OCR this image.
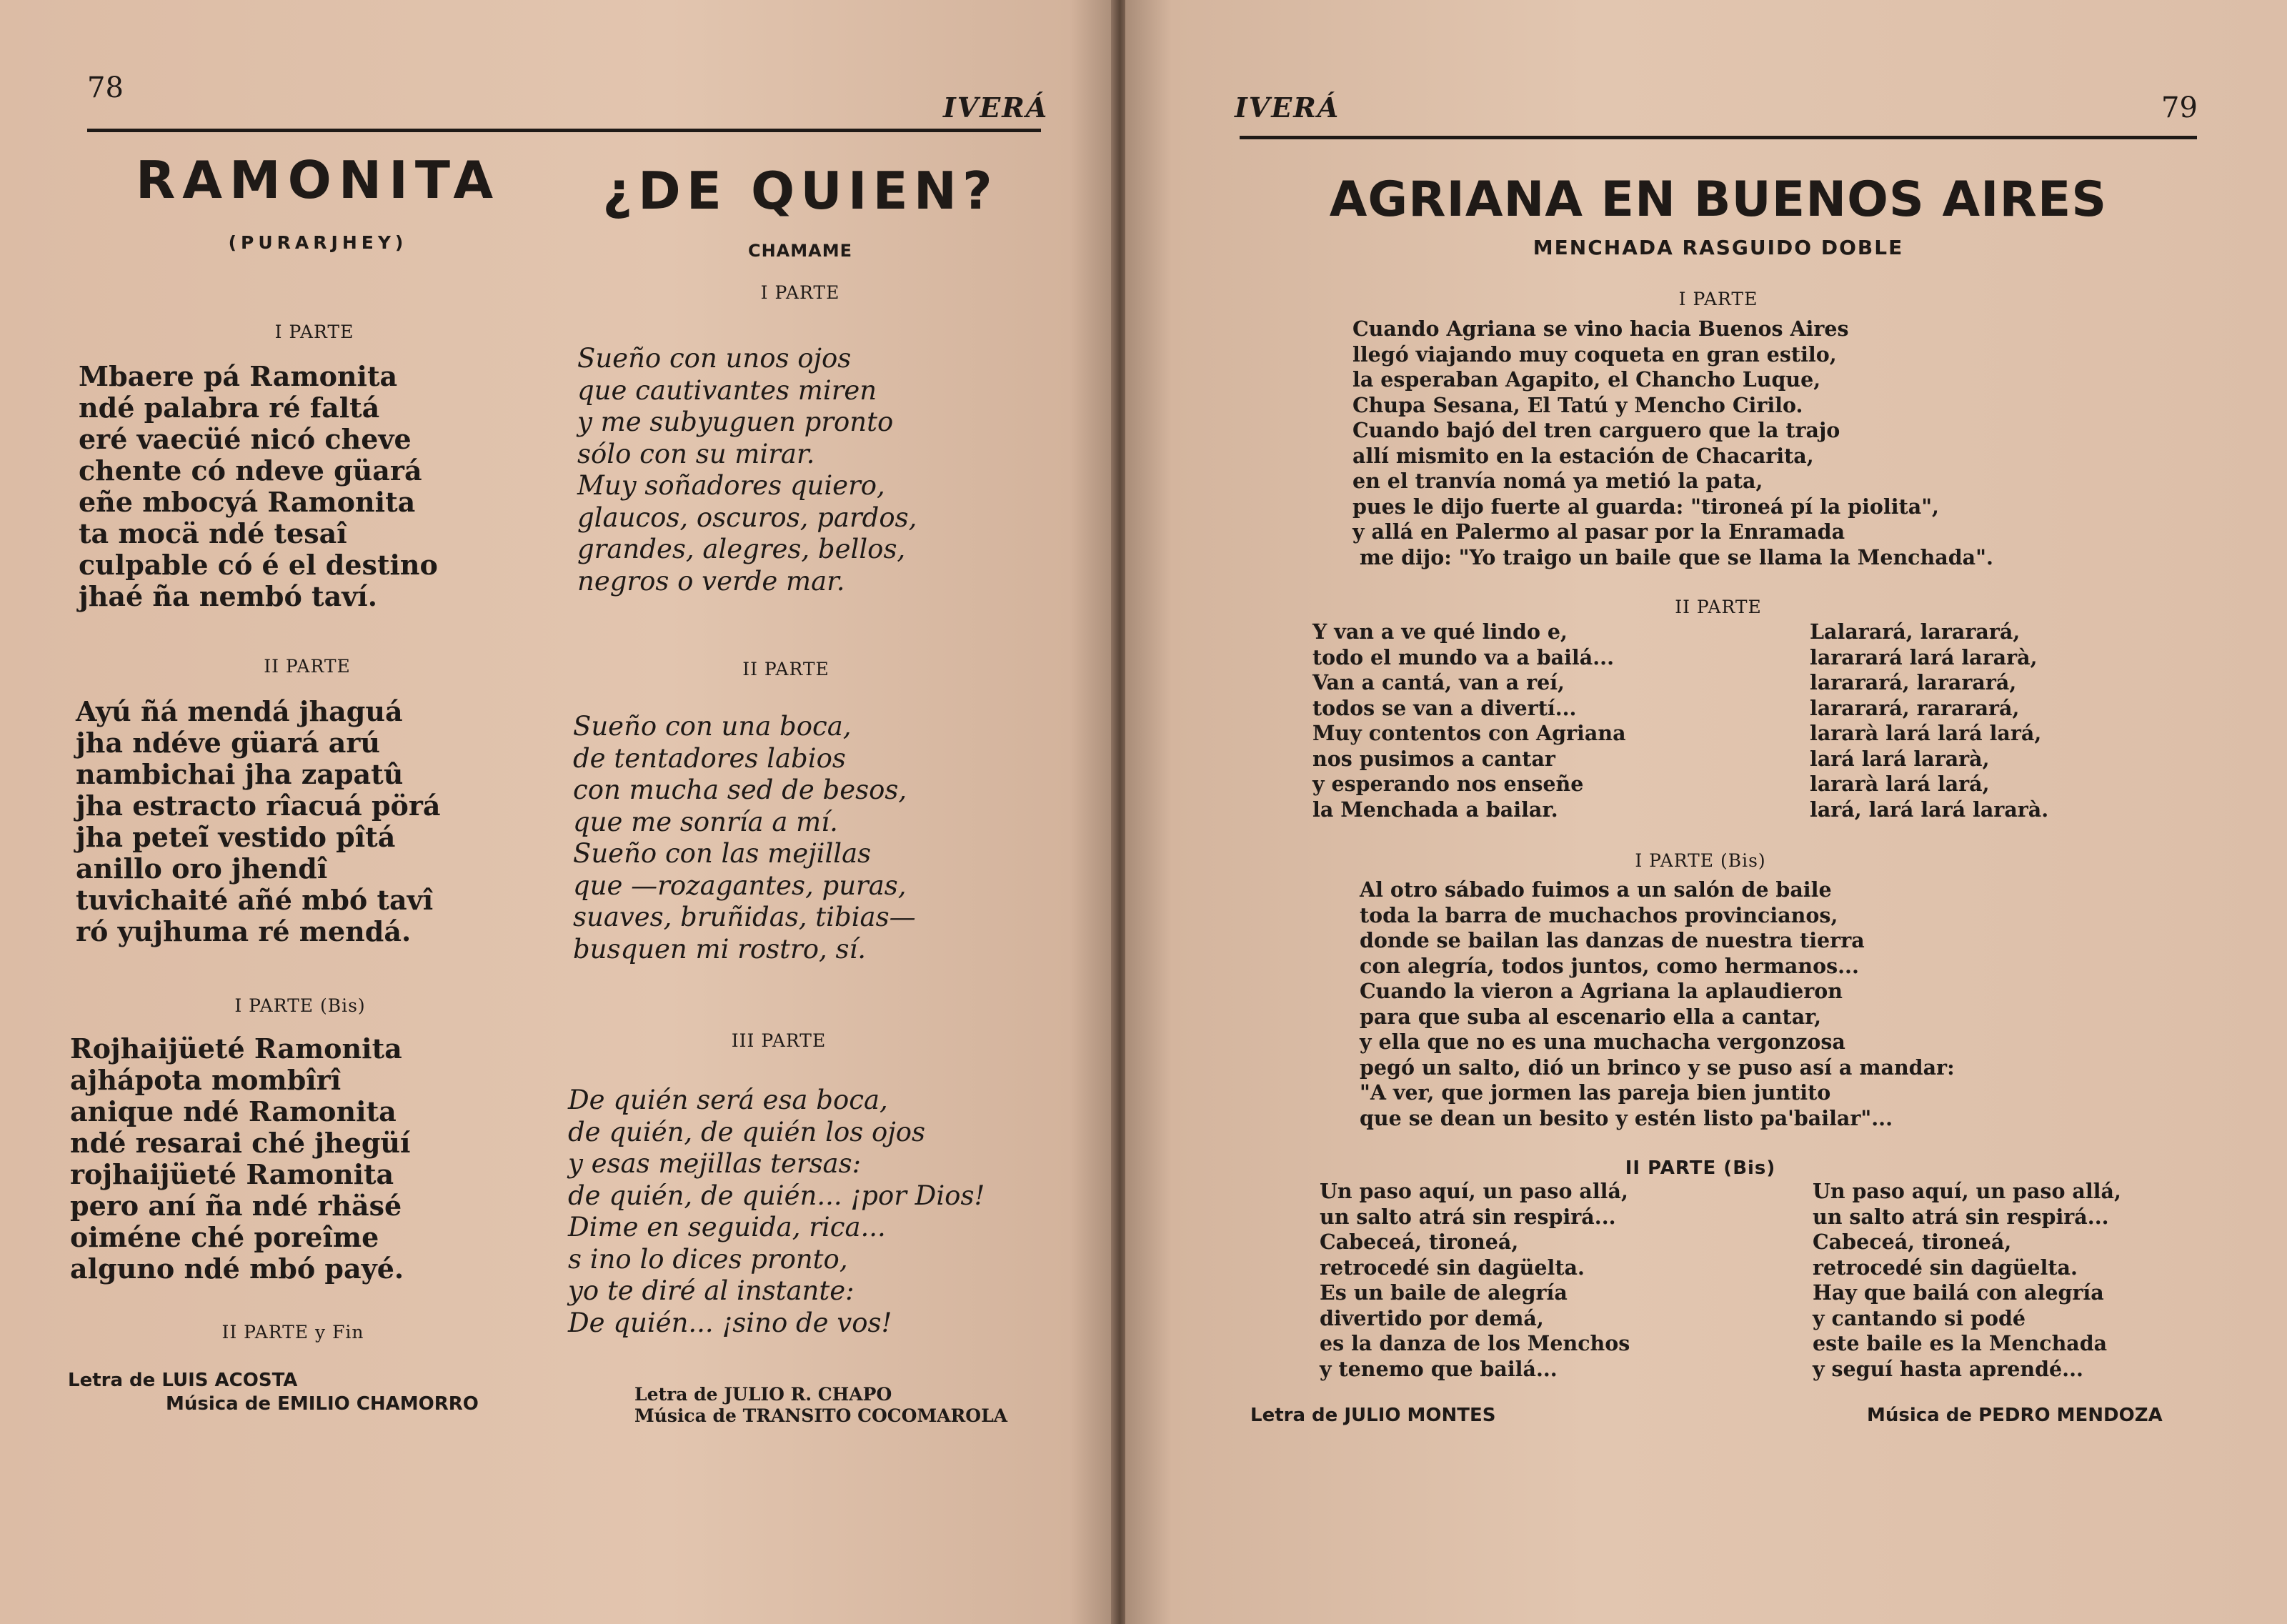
78
IVERÁ
RAMONITA
(PURARJHEY)
I PARTE
Mbaere pá Ramonita
ndé palabra ré faltá
eré vaecüé nicó cheve
chente có ndeve güará
eñe mbocyá Ramonita
ta mocä ndé tesaî
culpable có é el destino
jhaé ña nembó taví.
II PARTE
Ayú ñá mendá jhaguá
jha ndéve güará arú
nambichai jha zapatû
jha estracto rîacuá pörá
jha peteĩ vestido pîtá
anillo oro jhendî
tuvichaité añé mbó tavî
ró yujhuma ré mendá.
I PARTE (Bis)
Rojhaijüeté Ramonita
ajhápota mombîrî
anique ndé Ramonita
ndé resarai ché jhegüí
rojhaijüeté Ramonita
pero aní ña ndé rhäsé
oiméne ché poreîme
alguno ndé mbó payé.
II PARTE y Fin
Letra de LUIS ACOSTA
Música de EMILIO CHAMORRO
¿DE QUIEN?
CHAMAME
I PARTE
Sueño con unos ojos
que cautivantes miren
y me subyuguen pronto
sólo con su mirar.
Muy soñadores quiero,
glaucos, oscuros, pardos,
grandes, alegres, bellos,
negros o verde mar.
II PARTE
Sueño con una boca,
de tentadores labios
con mucha sed de besos,
que me sonría a mí.
Sueño con las mejillas
que —rozagantes, puras,
suaves, bruñidas, tibias—
busquen mi rostro, sí.
III PARTE
De quién será esa boca,
de quién, de quién los ojos
y esas mejillas tersas:
de quién, de quién... ¡por Dios!
Dime en seguida, rica...
s ino lo dices pronto,
yo te diré al instante:
De quién... ¡sino de vos!
Letra de JULIO R. CHAPO
Música de TRANSITO COCOMAROLA
IVERÁ	79
AGRIANA EN BUENOS AIRES
MENCHADA RASGUIDO DOBLE
I PARTE
Cuando Agriana se vino hacia Buenos Aires
llegó viajando muy coqueta en gran estilo,
la esperaban Agapito, el Chancho Luque,
Chupa Sesana, El Tatú y Mencho Cirilo.
Cuando bajó del tren carguero que la trajo
allí mismito en la estación de Chacarita,
en el tranvía nomá ya metió la pata,
pues le dijo fuerte al guarda: "tironeá pí la piolita",
y allá en Palermo al pasar por la Enramada
me dijo: "Yo traigo un baile que se llama la Menchada".
II PARTE
Y van a ve qué lindo e,
todo el mundo va a bailá...
Van a cantá, van a reí,
todos se van a divertí...
Muy contentos con Agriana
nos pusimos a cantar
y esperando nos enseñe
la Menchada a bailar.
Lalarará, lararará,
lararará lará lararà,
lararará, lararará,
lararará, rararará,
lararà lará lará lará,
lará lará lararà,
lararà lará lará,
lará, lará lará lararà.
I PARTE (Bis)
Al otro sábado fuimos a un salón de baile
toda la barra de muchachos provincianos,
donde se bailan las danzas de nuestra tierra
con alegría, todos juntos, como hermanos...
Cuando la vieron a Agriana la aplaudieron
para que suba al escenario ella a cantar,
y ella que no es una muchacha vergonzosa
pegó un salto, dió un brinco y se puso así a mandar:
"A ver, que jormen las pareja bien juntito
que se dean un besito y estén listo pa'bailar"...
II PARTE (Bis)
Un paso aquí, un paso allá,
un salto atrá sin respirá...
Cabeceá, tironeá,
retrocedé sin dagüelta.
Es un baile de alegría
divertido por demá,
es la danza de los Menchos
y tenemo que bailá...
Un paso aquí, un paso allá,
un salto atrá sin respirá...
Cabeceá, tironeá,
retrocedé sin dagüelta.
Hay que bailá con alegría
y cantando si podé
este baile es la Menchada
y seguí hasta aprendé...
Letra de JULIO MONTES	Música de PEDRO MENDOZA
